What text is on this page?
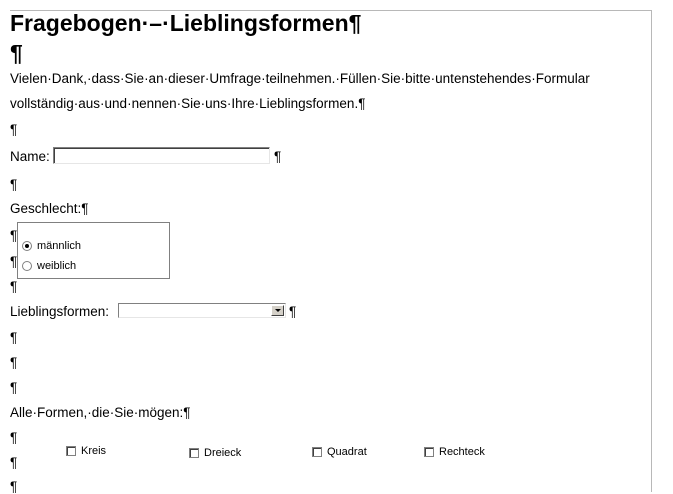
Fragebogen·–·Lieblingsformen¶
¶
Vielen·Dank,·dass·Sie·an·dieser·Umfrage·teilnehmen.·Füllen·Sie·bitte·untenstehendes·Formular
vollständig·aus·und·nennen·Sie·uns·Ihre·Lieblingsformen.¶
¶
Name:	¶
¶
Geschlecht:¶
¶
männlich
¶ weiblich
¶
Lieblingsformen:	¶
¶
¶
¶
Alle·Formen,·die·Sie·mögen:¶
¶
Kreis	Dreieck	Quadrat	Rechteck
¶
¶
